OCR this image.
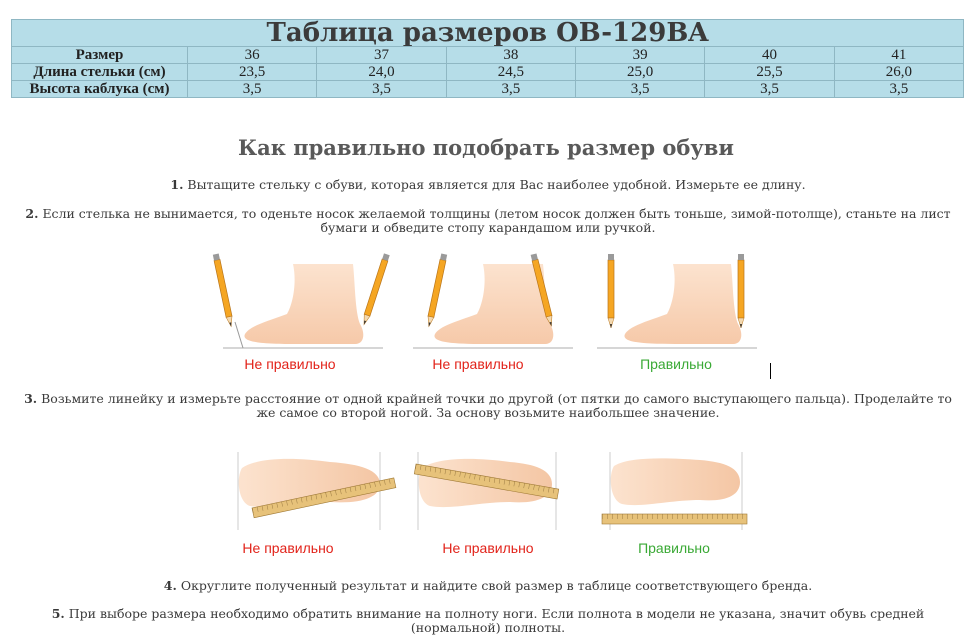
Таблица размеров OB-129BA						
Размер	36	37	38	39	40	41
Длина стельки (см)	23,5	24,0	24,5	25,0	25,5	26,0
Высота каблука (см)	3,5	3,5	3,5	3,5	3,5	3,5
Как правильно подобрать размер обуви
1. Вытащите стельку с обуви, которая является для Вас наиболее удобной. Измерьте ее длину.
2. Если стелька не вынимается, то оденьте носок желаемой толщины (летом носок должен быть тоньше, зимой-потолще), станьте на лист бумаги и обведите стопу карандашом или ручкой.
Не правильно	Не правильно	Правильно
3. Возьмите линейку и измерьте расстояние от одной крайней точки до другой (от пятки до самого выступающего пальца). Проделайте то же самое со второй ногой. За основу возьмите наибольшее значение.
Не правильно	Не правильно	Правильно
4. Округлите полученный результат и найдите свой размер в таблице соответствующего бренда.
5. При выборе размера необходимо обратить внимание на полноту ноги. Если полнота в модели не указана, значит обувь средней (нормальной) полноты.
